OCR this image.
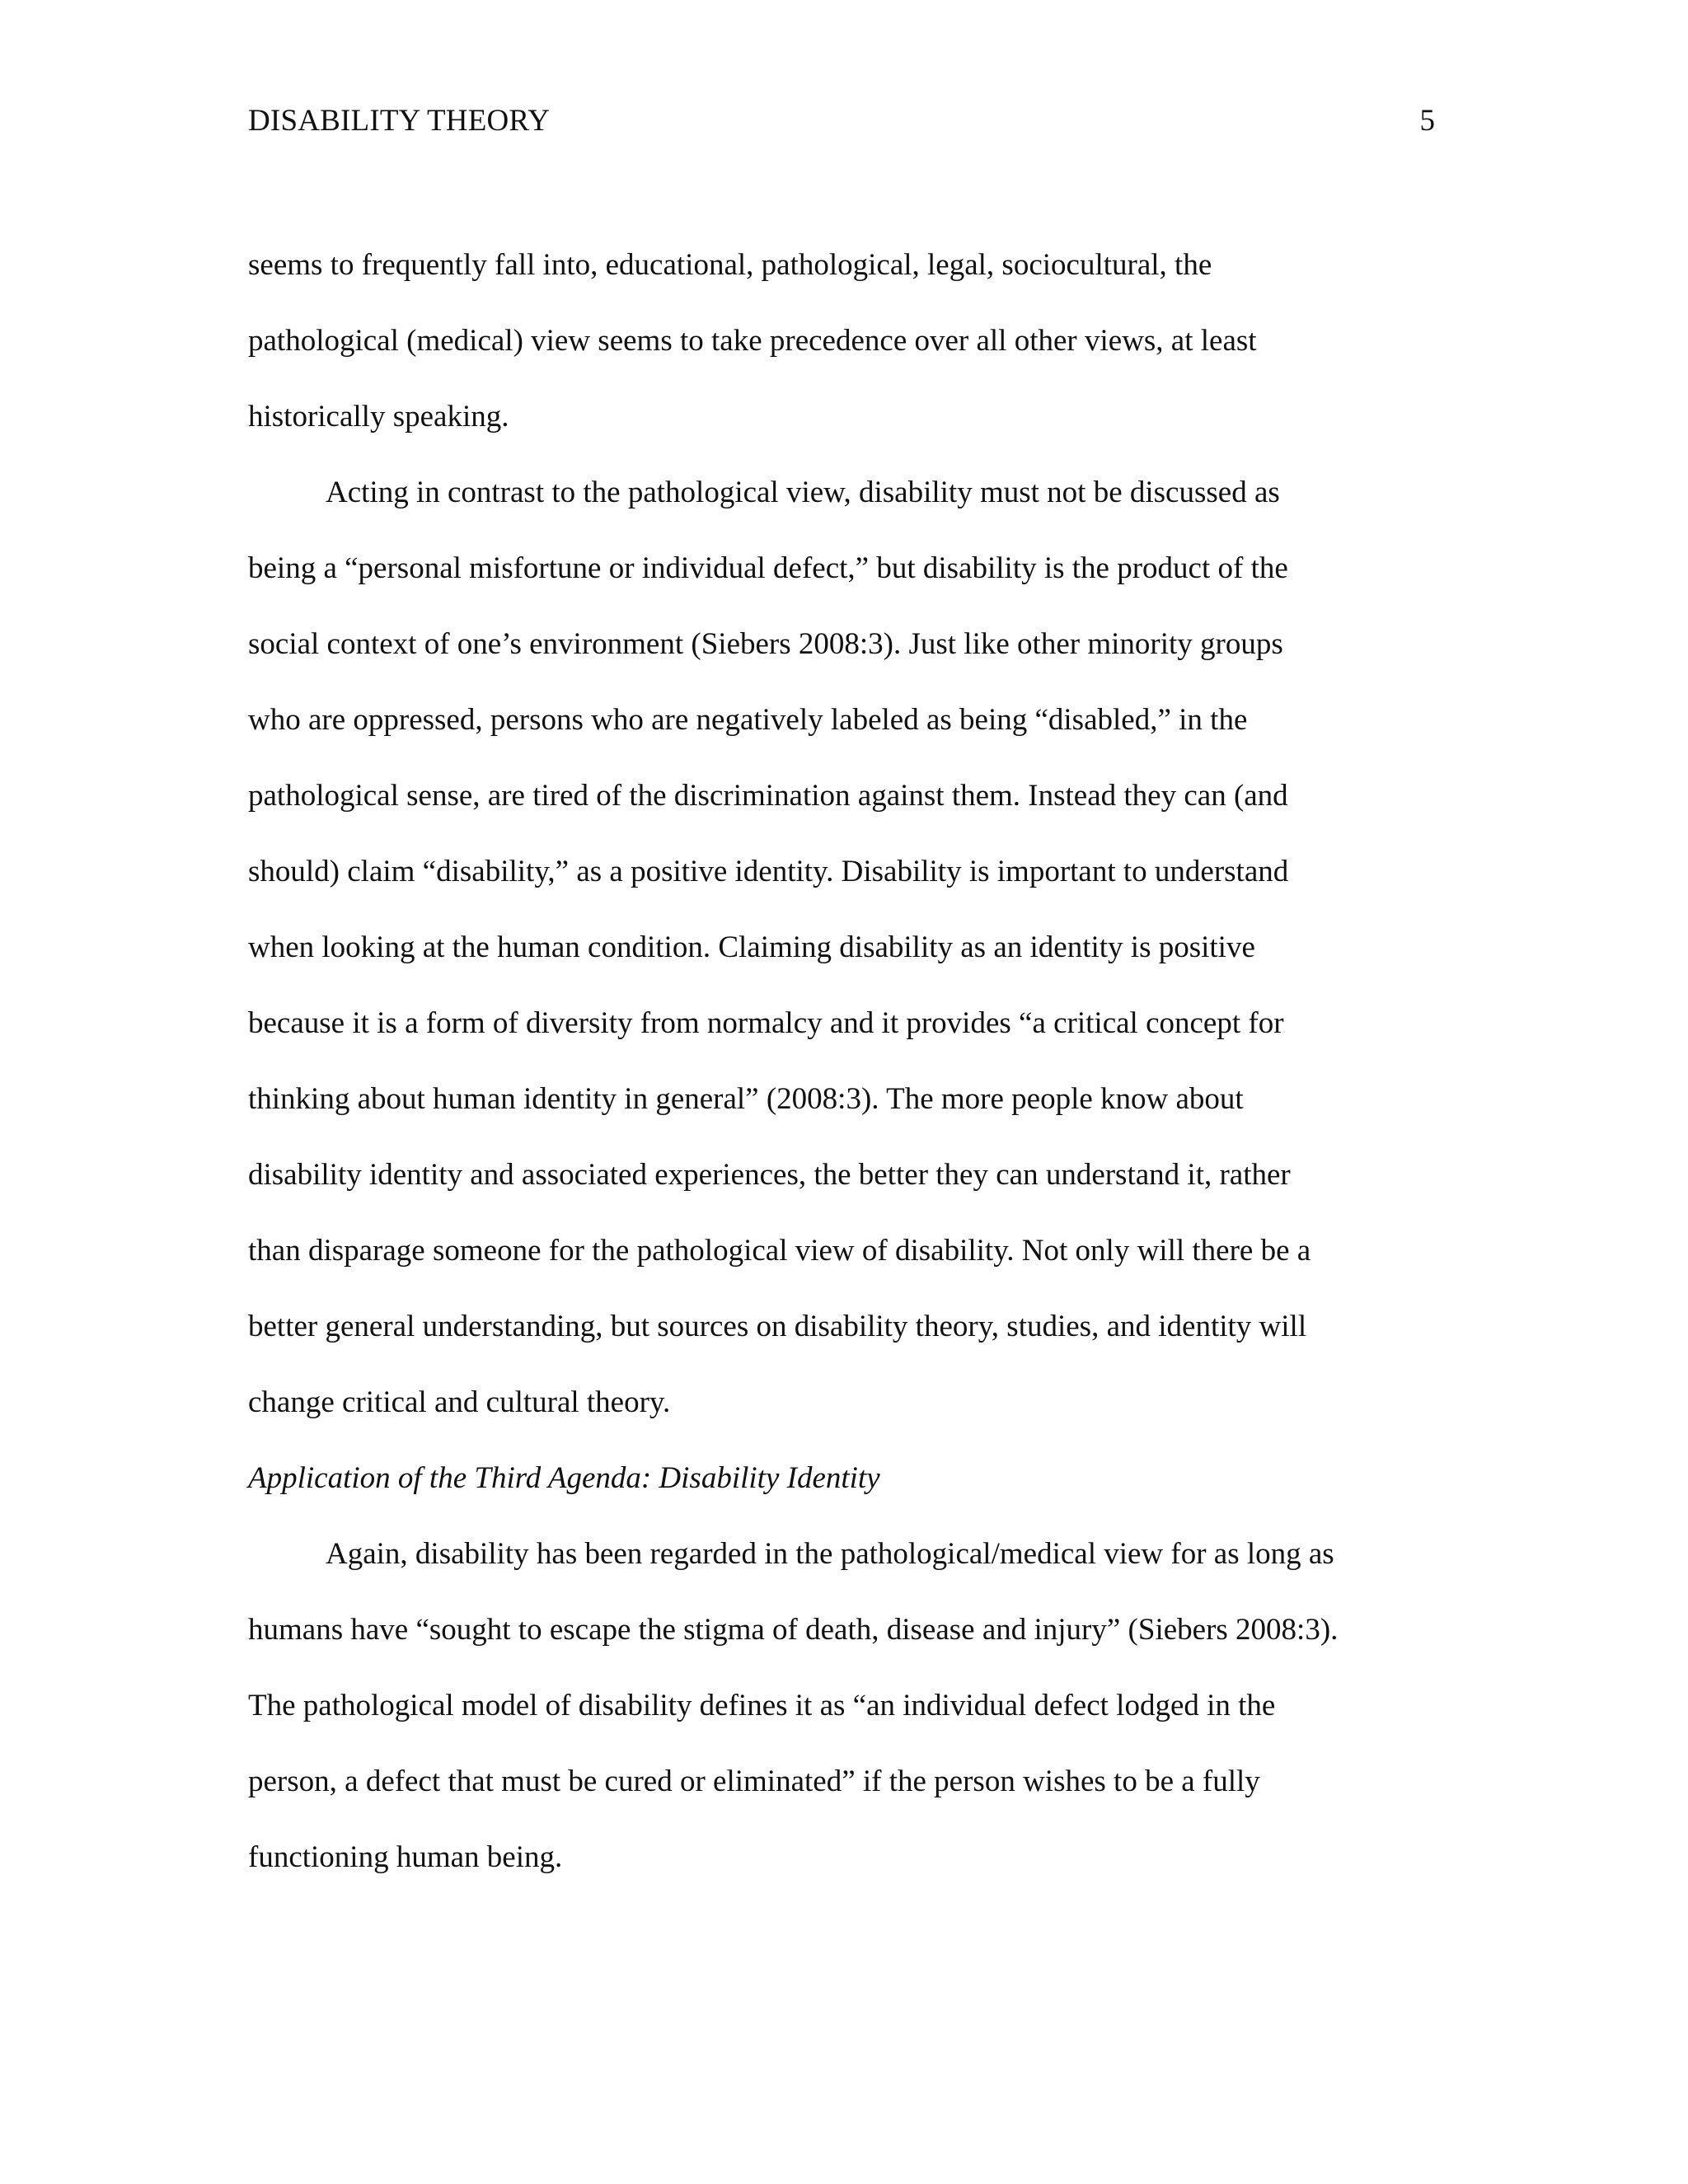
DISABILITY THEORY	5
seems to frequently fall into, educational, pathological, legal, sociocultural, the
pathological (medical) view seems to take precedence over all other views, at least
historically speaking.
Acting in contrast to the pathological view, disability must not be discussed as
being a “personal misfortune or individual defect,” but disability is the product of the
social context of one’s environment (Siebers 2008:3). Just like other minority groups
who are oppressed, persons who are negatively labeled as being “disabled,” in the
pathological sense, are tired of the discrimination against them. Instead they can (and
should) claim “disability,” as a positive identity. Disability is important to understand
when looking at the human condition. Claiming disability as an identity is positive
because it is a form of diversity from normalcy and it provides “a critical concept for
thinking about human identity in general” (2008:3). The more people know about
disability identity and associated experiences, the better they can understand it, rather
than disparage someone for the pathological view of disability. Not only will there be a
better general understanding, but sources on disability theory, studies, and identity will
change critical and cultural theory.
Application of the Third Agenda: Disability Identity
Again, disability has been regarded in the pathological/medical view for as long as
humans have “sought to escape the stigma of death, disease and injury” (Siebers 2008:3).
The pathological model of disability defines it as “an individual defect lodged in the
person, a defect that must be cured or eliminated” if the person wishes to be a fully
functioning human being.
